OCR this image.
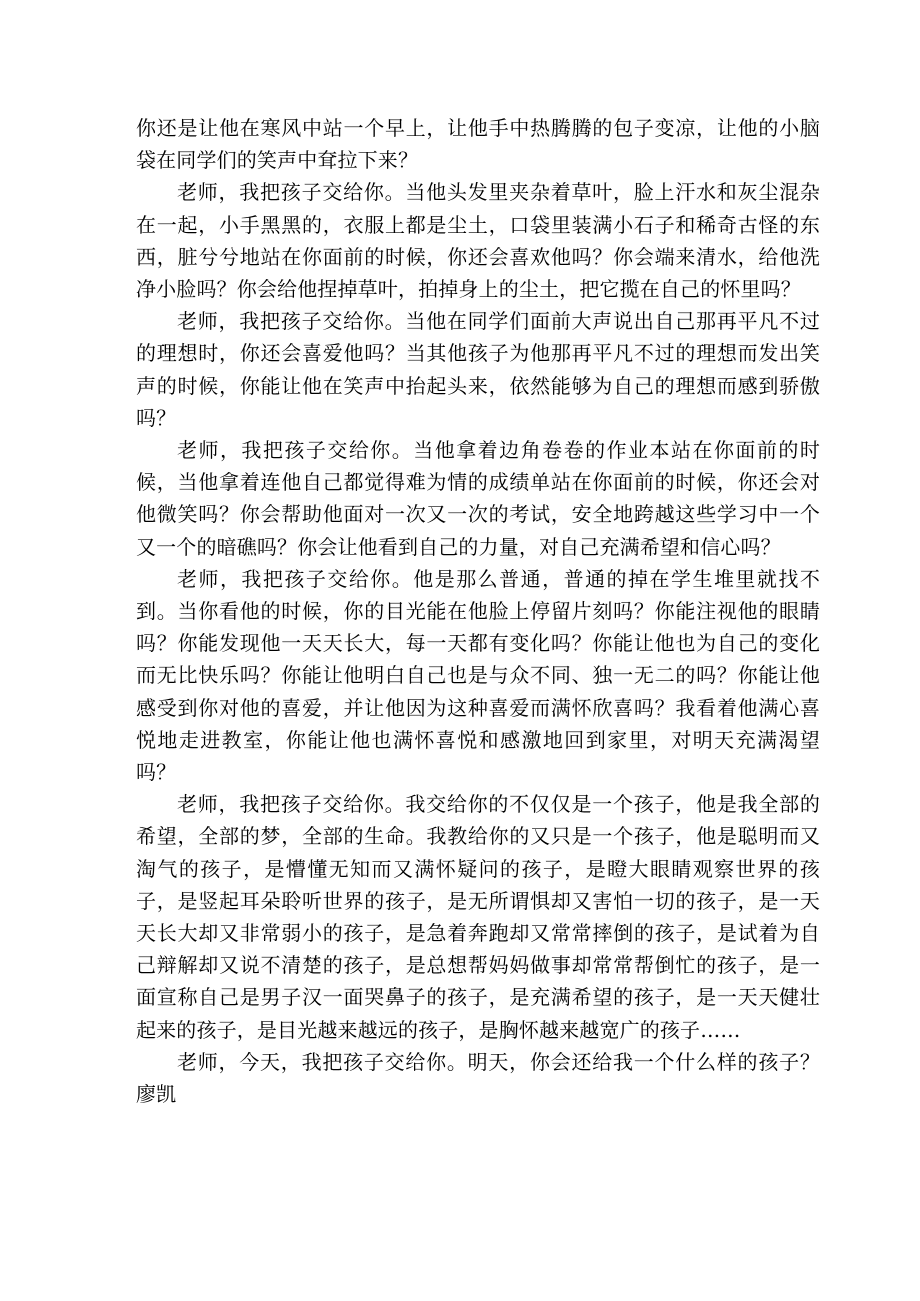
你还是让他在寒风中站一个早上，让他手中热腾腾的包子变凉，让他的小脑袋在同学们的笑声中耷拉下来？

老师，我把孩子交给你。当他头发里夹杂着草叶，脸上汗水和灰尘混杂在一起，小手黑黑的，衣服上都是尘土，口袋里装满小石子和稀奇古怪的东西，脏兮兮地站在你面前的时候，你还会喜欢他吗？你会端来清水，给他洗净小脸吗？你会给他捏掉草叶，拍掉身上的尘土，把它揽在自己的怀里吗？

老师，我把孩子交给你。当他在同学们面前大声说出自己那再平凡不过的理想时，你还会喜爱他吗？当其他孩子为他那再平凡不过的理想而发出笑声的时候，你能让他在笑声中抬起头来，依然能够为自己的理想而感到骄傲吗？

老师，我把孩子交给你。当他拿着边角卷卷的作业本站在你面前的时候，当他拿着连他自己都觉得难为情的成绩单站在你面前的时候，你还会对他微笑吗？你会帮助他面对一次又一次的考试，安全地跨越这些学习中一个又一个的暗礁吗？你会让他看到自己的力量，对自己充满希望和信心吗？

老师，我把孩子交给你。他是那么普通，普通的掉在学生堆里就找不到。当你看他的时候，你的目光能在他脸上停留片刻吗？你能注视他的眼睛吗？你能发现他一天天长大，每一天都有变化吗？你能让他也为自己的变化而无比快乐吗？你能让他明白自己也是与众不同、独一无二的吗？你能让他感受到你对他的喜爱，并让他因为这种喜爱而满怀欣喜吗？我看着他满心喜悦地走进教室，你能让他也满怀喜悦和感激地回到家里，对明天充满渴望吗？

老师，我把孩子交给你。我交给你的不仅仅是一个孩子，他是我全部的希望，全部的梦，全部的生命。我教给你的又只是一个孩子，他是聪明而又淘气的孩子，是懵懂无知而又满怀疑问的孩子，是瞪大眼睛观察世界的孩子，是竖起耳朵聆听世界的孩子，是无所谓惧却又害怕一切的孩子，是一天天长大却又非常弱小的孩子，是急着奔跑却又常常摔倒的孩子，是试着为自己辩解却又说不清楚的孩子，是总想帮妈妈做事却常常帮倒忙的孩子，是一面宣称自己是男子汉一面哭鼻子的孩子，是充满希望的孩子，是一天天健壮起来的孩子，是目光越来越远的孩子，是胸怀越来越宽广的孩子……

老师，今天，我把孩子交给你。明天，你会还给我一个什么样的孩子？廖凯
